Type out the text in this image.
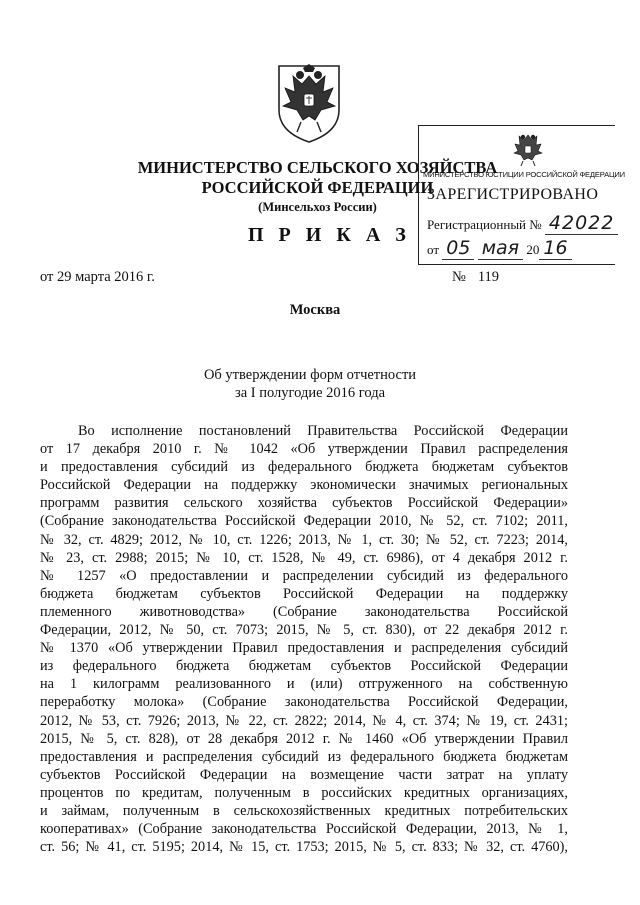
МИНИСТЕРСТВО СЕЛЬСКОГО ХОЗЯЙСТВА
РОССИЙСКОЙ ФЕДЕРАЦИИ
(Минсельхоз России)
МИНИСТЕРСТВО ЮСТИЦИИ РОССИЙСКОЙ ФЕДЕРАЦИИ
ЗАРЕГИСТРИРОВАНО
Регистрационный № 42022
от 05 мая 20 16
П Р И К А З
от 29 марта 2016 г.	№ 119
Москва
Об утверждении форм отчетности
за I полугодие 2016 года
Во исполнение постановлений Правительства Российской Федерации
от 17 декабря 2010 г. № 1042 «Об утверждении Правил распределения
и предоставления субсидий из федерального бюджета бюджетам субъектов
Российской Федерации на поддержку экономически значимых региональных
программ развития сельского хозяйства субъектов Российской Федерации»
(Собрание законодательства Российской Федерации 2010, № 52, ст. 7102; 2011,
№ 32, ст. 4829; 2012, № 10, ст. 1226; 2013, № 1, ст. 30; № 52, ст. 7223; 2014,
№ 23, ст. 2988; 2015; № 10, ст. 1528, № 49, ст. 6986), от 4 декабря 2012 г.
№ 1257 «О предоставлении и распределении субсидий из федерального
бюджета бюджетам субъектов Российской Федерации на поддержку
племенного животноводства» (Собрание законодательства Российской
Федерации, 2012, № 50, ст. 7073; 2015, № 5, ст. 830), от 22 декабря 2012 г.
№ 1370 «Об утверждении Правил предоставления и распределения субсидий
из федерального бюджета бюджетам субъектов Российской Федерации
на 1 килограмм реализованного и (или) отгруженного на собственную
переработку молока» (Собрание законодательства Российской Федерации,
2012, № 53, ст. 7926; 2013, № 22, ст. 2822; 2014, № 4, ст. 374; № 19, ст. 2431;
2015, № 5, ст. 828), от 28 декабря 2012 г. № 1460 «Об утверждении Правил
предоставления и распределения субсидий из федерального бюджета бюджетам
субъектов Российской Федерации на возмещение части затрат на уплату
процентов по кредитам, полученным в российских кредитных организациях,
и займам, полученным в сельскохозяйственных кредитных потребительских
кооперативах» (Собрание законодательства Российской Федерации, 2013, № 1,
ст. 56; № 41, ст. 5195; 2014, № 15, ст. 1753; 2015, № 5, ст. 833; № 32, ст. 4760),
